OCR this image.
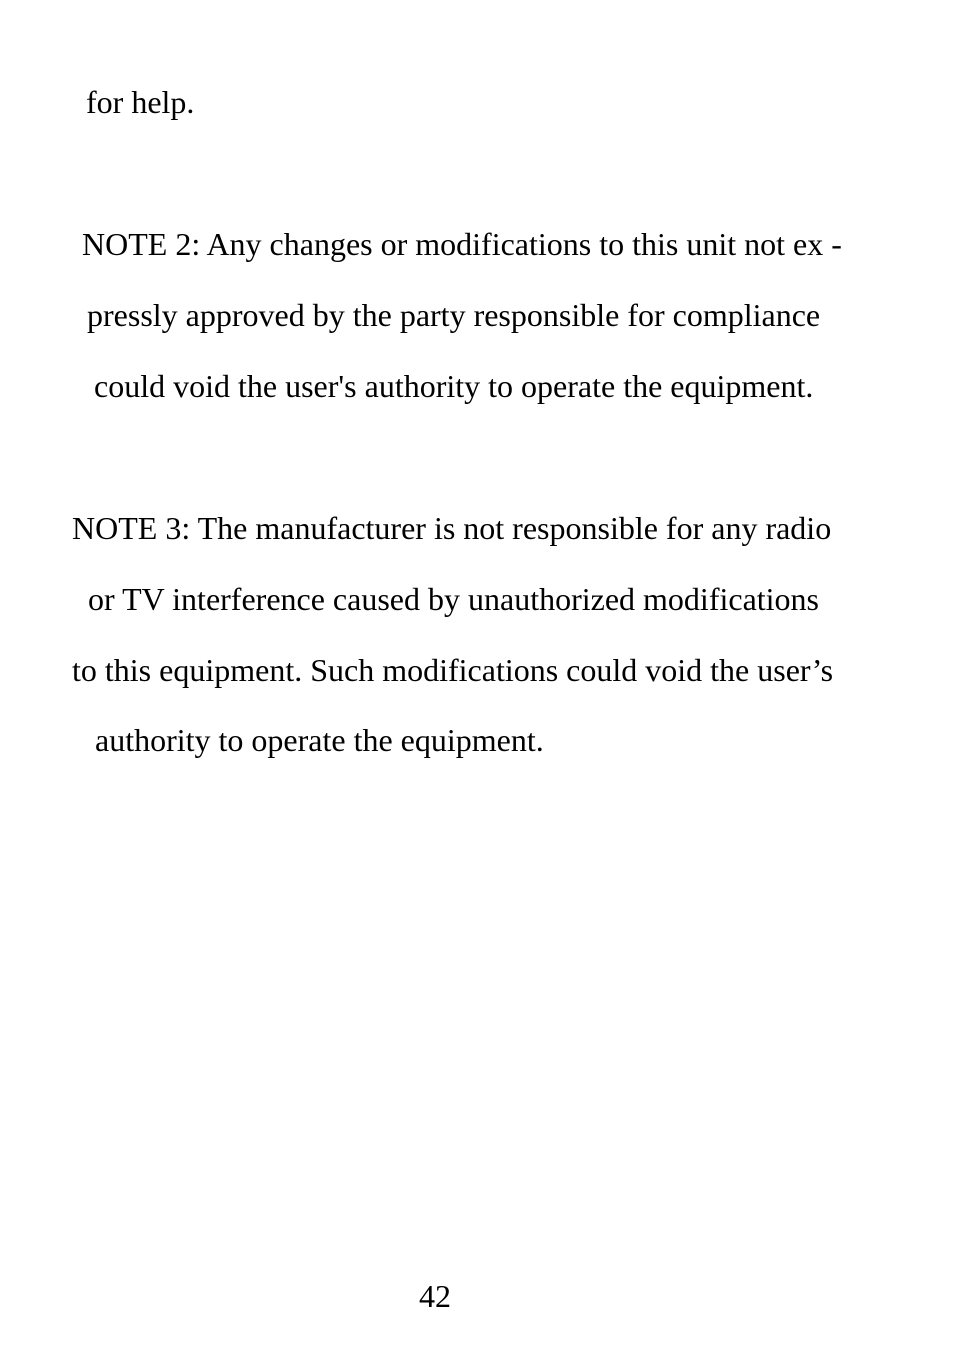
for help.
NOTE 2: Any changes or modifications to this unit not ex -
pressly approved by the party responsible for compliance
could void the user's authority to operate the equipment.
NOTE 3: The manufacturer is not responsible for any radio
or TV interference caused by unauthorized modifications
to this equipment. Such modifications could void the user’s
authority to operate the equipment.
42
